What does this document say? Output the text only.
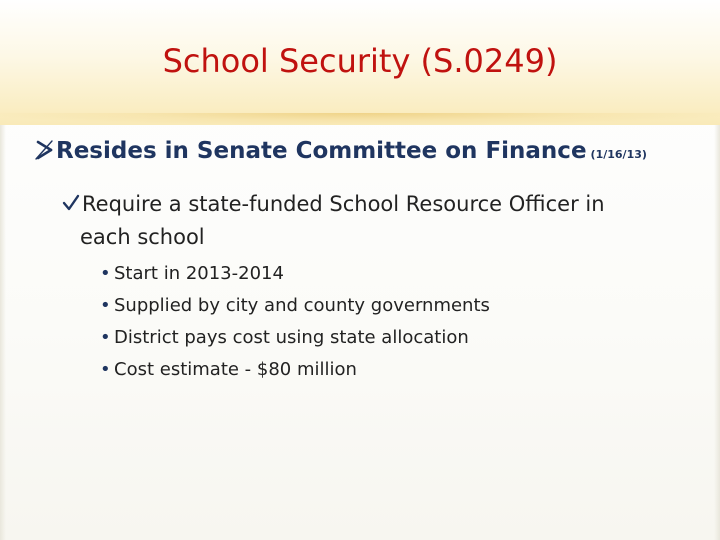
School Security (S.0249)
Resides in Senate Committee on Finance (1/16/13)
Require a state-funded School Resource Officer in
each school
• Start in 2013-2014
• Supplied by city and county governments
• District pays cost using state allocation
• Cost estimate - $80 million
